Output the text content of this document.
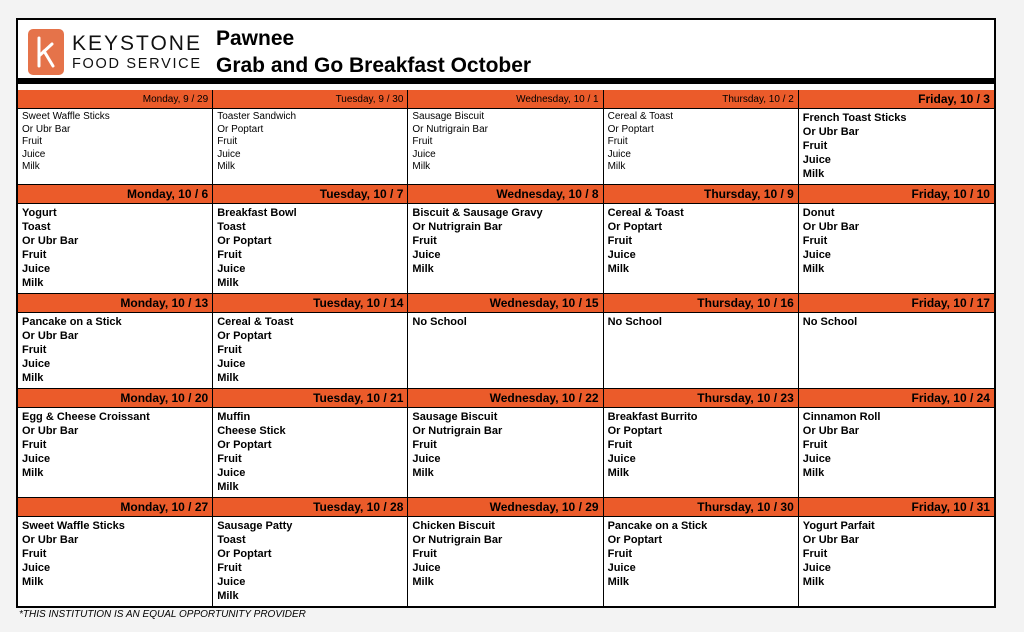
KEYSTONE
FOOD SERVICE
Pawnee
Grab and Go Breakfast October
Monday, 9 / 29
Sweet Waffle Sticks
Or Ubr Bar
Fruit
Juice
Milk
Tuesday, 9 / 30
Toaster Sandwich
Or Poptart
Fruit
Juice
Milk
Wednesday, 10 / 1
Sausage Biscuit
Or Nutrigrain Bar
Fruit
Juice
Milk
Thursday, 10 / 2
Cereal & Toast
Or Poptart
Fruit
Juice
Milk
Friday, 10 / 3
French Toast Sticks
Or Ubr Bar
Fruit
Juice
Milk
Monday, 10 / 6
Yogurt
Toast
Or Ubr Bar
Fruit
Juice
Milk
Tuesday, 10 / 7
Breakfast Bowl
Toast
Or Poptart
Fruit
Juice
Milk
Wednesday, 10 / 8
Biscuit & Sausage Gravy
Or Nutrigrain Bar
Fruit
Juice
Milk
Thursday, 10 / 9
Cereal & Toast
Or Poptart
Fruit
Juice
Milk
Friday, 10 / 10
Donut
Or Ubr Bar
Fruit
Juice
Milk
Monday, 10 / 13
Pancake on a Stick
Or Ubr Bar
Fruit
Juice
Milk
Tuesday, 10 / 14
Cereal & Toast
Or Poptart
Fruit
Juice
Milk
Wednesday, 10 / 15
No School
Thursday, 10 / 16
No School
Friday, 10 / 17
No School
Monday, 10 / 20
Egg & Cheese Croissant
Or Ubr Bar
Fruit
Juice
Milk
Tuesday, 10 / 21
Muffin
Cheese Stick
Or Poptart
Fruit
Juice
Milk
Wednesday, 10 / 22
Sausage Biscuit
Or Nutrigrain Bar
Fruit
Juice
Milk
Thursday, 10 / 23
Breakfast Burrito
Or Poptart
Fruit
Juice
Milk
Friday, 10 / 24
Cinnamon Roll
Or Ubr Bar
Fruit
Juice
Milk
Monday, 10 / 27
Sweet Waffle Sticks
Or Ubr Bar
Fruit
Juice
Milk
Tuesday, 10 / 28
Sausage Patty
Toast
Or Poptart
Fruit
Juice
Milk
Wednesday, 10 / 29
Chicken Biscuit
Or Nutrigrain Bar
Fruit
Juice
Milk
Thursday, 10 / 30
Pancake on a Stick
Or Poptart
Fruit
Juice
Milk
Friday, 10 / 31
Yogurt Parfait
Or Ubr Bar
Fruit
Juice
Milk
*THIS INSTITUTION IS AN EQUAL OPPORTUNITY PROVIDER
